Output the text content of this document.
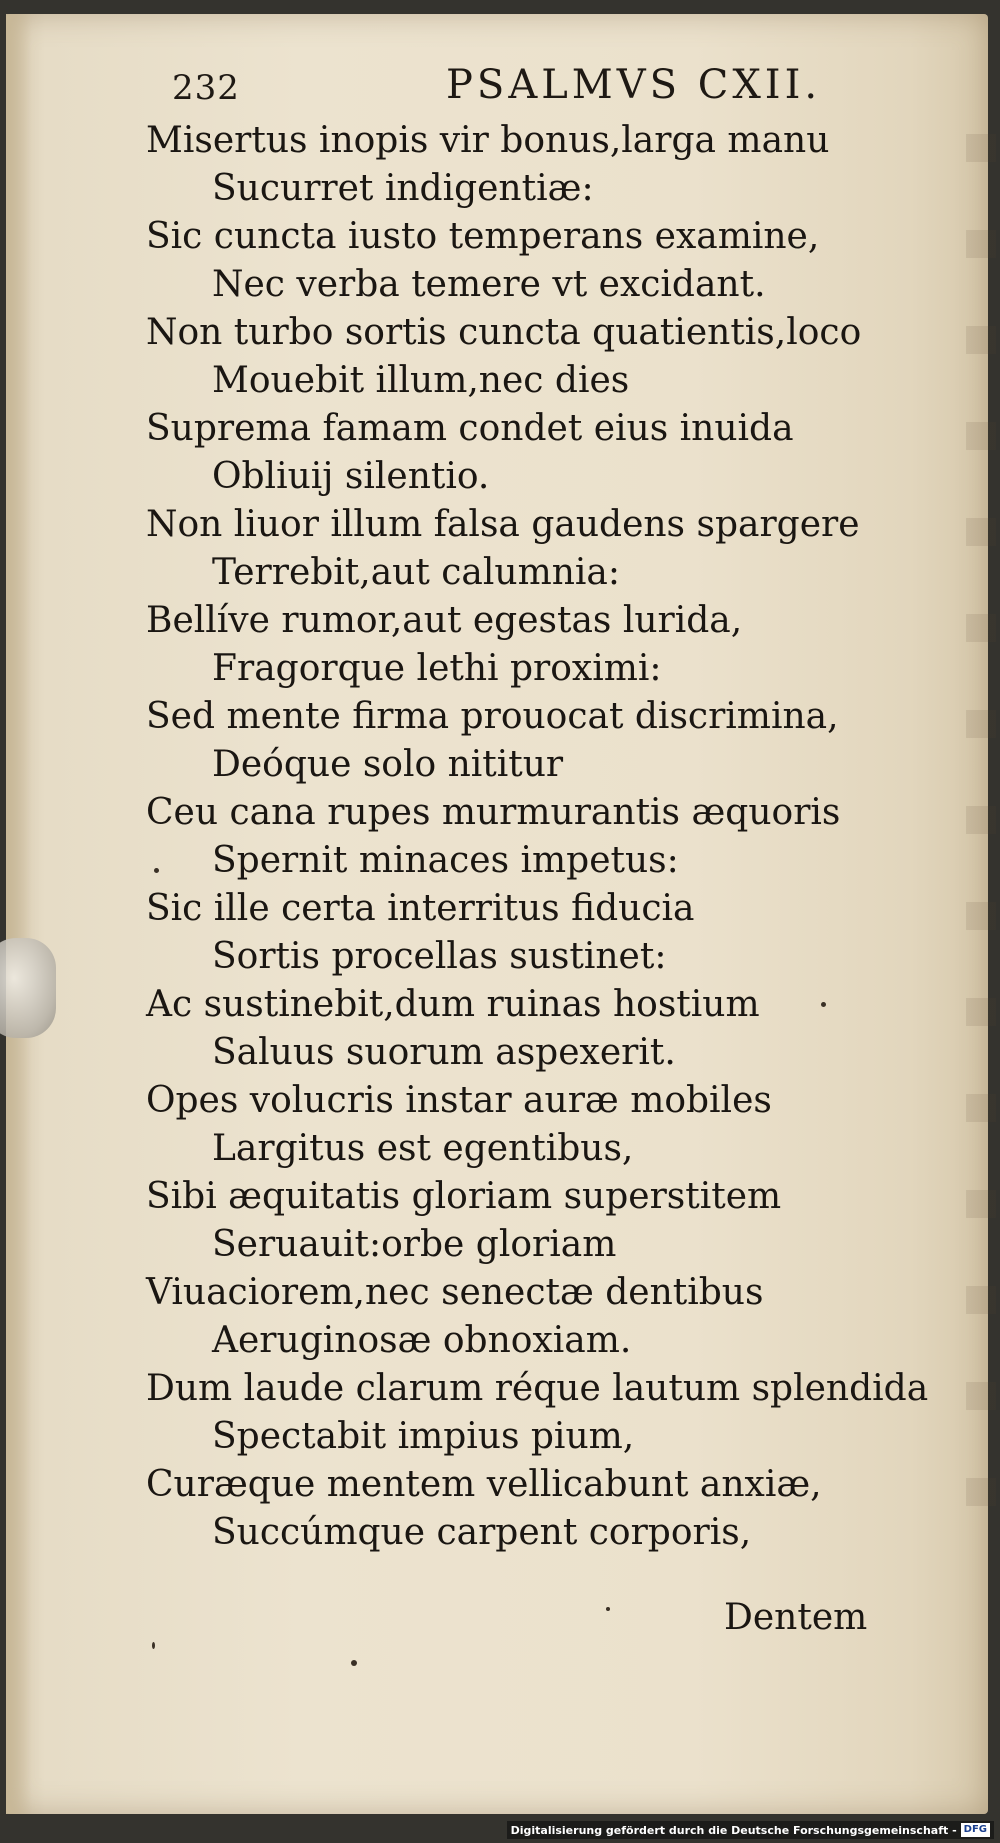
232	PSALMVS CXII.
Misertus inopis vir bonus,larga manu
Sucurret indigentiæ:
Sic cuncta iusto temperans examine,
Nec verba temere vt excidant.
Non turbo sortis cuncta quatientis,loco
Mouebit illum,nec dies
Suprema famam condet eius inuida
Obliuij silentio.
Non liuor illum falsa gaudens spargere
Terrebit,aut calumnia:
Bellíve rumor,aut egestas lurida,
Fragorque lethi proximi:
Sed mente firma prouocat discrimina,
Deóque solo nititur
Ceu cana rupes murmurantis æquoris
Spernit minaces impetus:
Sic ille certa interritus fiducia
Sortis procellas sustinet:
Ac sustinebit,dum ruinas hostium
Saluus suorum aspexerit.
Opes volucris instar auræ mobiles
Largitus est egentibus,
Sibi æquitatis gloriam superstitem
Seruauit:orbe gloriam
Viuaciorem,nec senectæ dentibus
Aeruginosæ obnoxiam.
Dum laude clarum réque lautum splendida
Spectabit impius pium,
Curæque mentem vellicabunt anxiæ,
Succúmque carpent corporis,
Dentem
Digitalisierung gefördert durch die Deutsche Forschungsgemeinschaft - DFG
